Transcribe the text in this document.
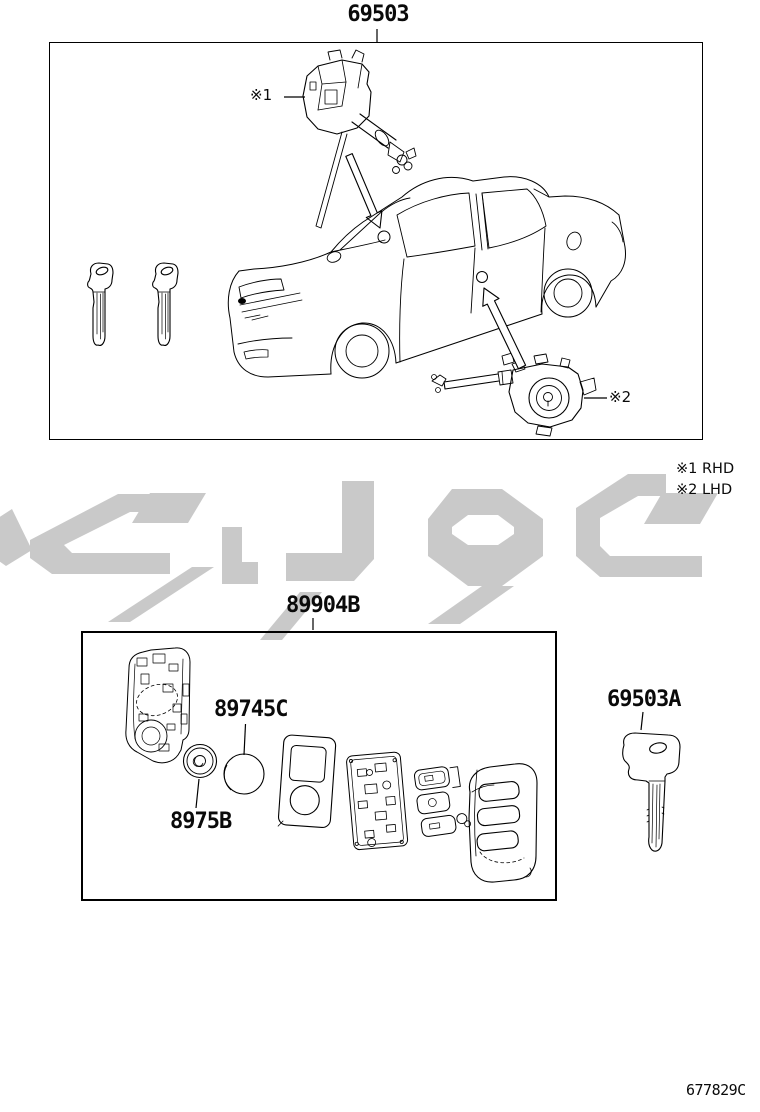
69503
※1
※2
※1 RHD
※2 LHD
89904B
89745C
8975B
69503A
677829C
